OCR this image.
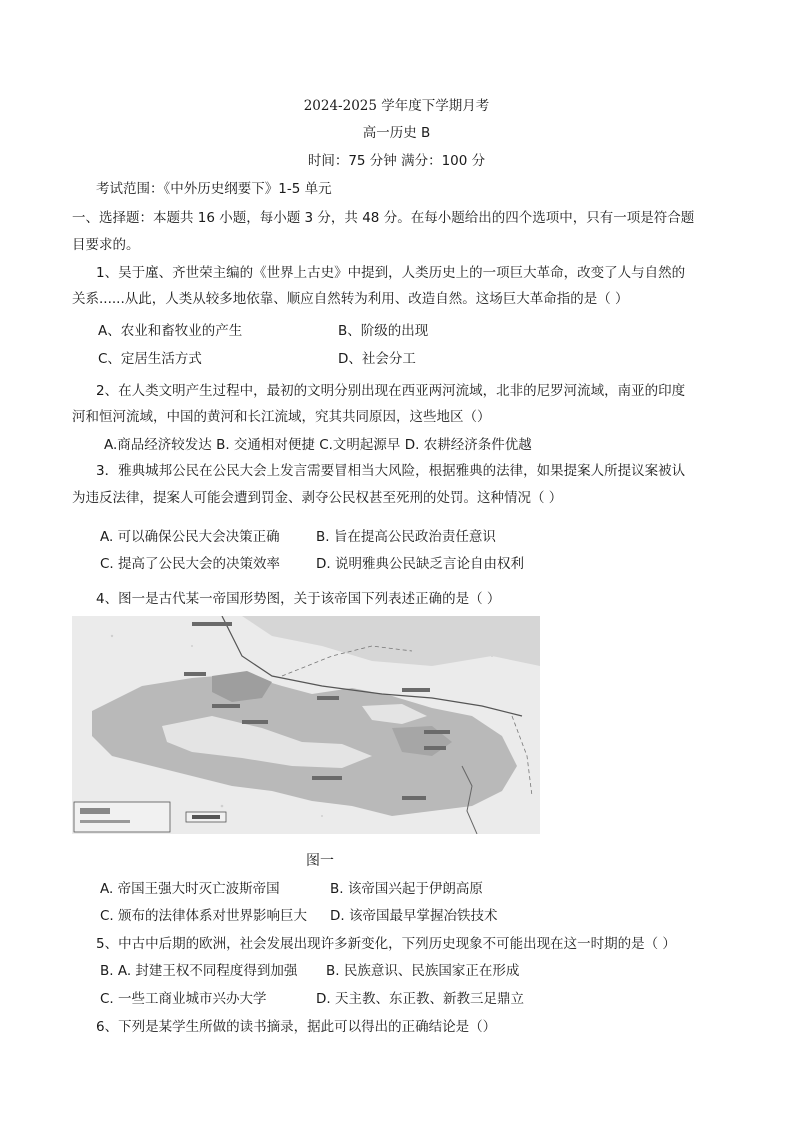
2024-2025 学年度下学期月考
高一历史 B
时间：75 分钟 满分：100 分
考试范围：《中外历史纲要下》1-5 单元
一、选择题：本题共 16 小题，每小题 3 分，共 48 分。在每小题给出的四个选项中，只有一项是符合题
目要求的。
1、吴于廑、齐世荣主编的《世界上古史》中提到，人类历史上的一项巨大革命，改变了人与自然的
关系......从此，人类从较多地依靠、顺应自然转为利用、改造自然。这场巨大革命指的是（ ）
A、农业和畜牧业的产生	B、阶级的出现
C、定居生活方式	D、社会分工
2、在人类文明产生过程中，最初的文明分别出现在西亚两河流域，北非的尼罗河流域，南亚的印度
河和恒河流域，中国的黄河和长江流域，究其共同原因，这些地区（）
A.商品经济较发达 B. 交通相对便捷 C.文明起源早 D. 农耕经济条件优越
3．雅典城邦公民在公民大会上发言需要冒相当大风险，根据雅典的法律，如果提案人所提议案被认
为违反法律，提案人可能会遭到罚金、剥夺公民权甚至死刑的处罚。这种情况（ ）
A. 可以确保公民大会决策正确	B. 旨在提高公民政治责任意识
C. 提高了公民大会的决策效率	D. 说明雅典公民缺乏言论自由权利
4、图一是古代某一帝国形势图，关于该帝国下列表述正确的是（ ）
图一
A. 帝国王强大时灭亡波斯帝国	B. 该帝国兴起于伊朗高原
C. 颁布的法律体系对世界影响巨大 D. 该帝国最早掌握冶铁技术
5、中古中后期的欧洲，社会发展出现许多新变化，下列历史现象不可能出现在这一时期的是（ ）
B. A. 封建王权不同程度得到加强 B. 民族意识、民族国家正在形成
C. 一些工商业城市兴办大学	D. 天主教、东正教、新教三足鼎立
6、下列是某学生所做的读书摘录，据此可以得出的正确结论是（）
